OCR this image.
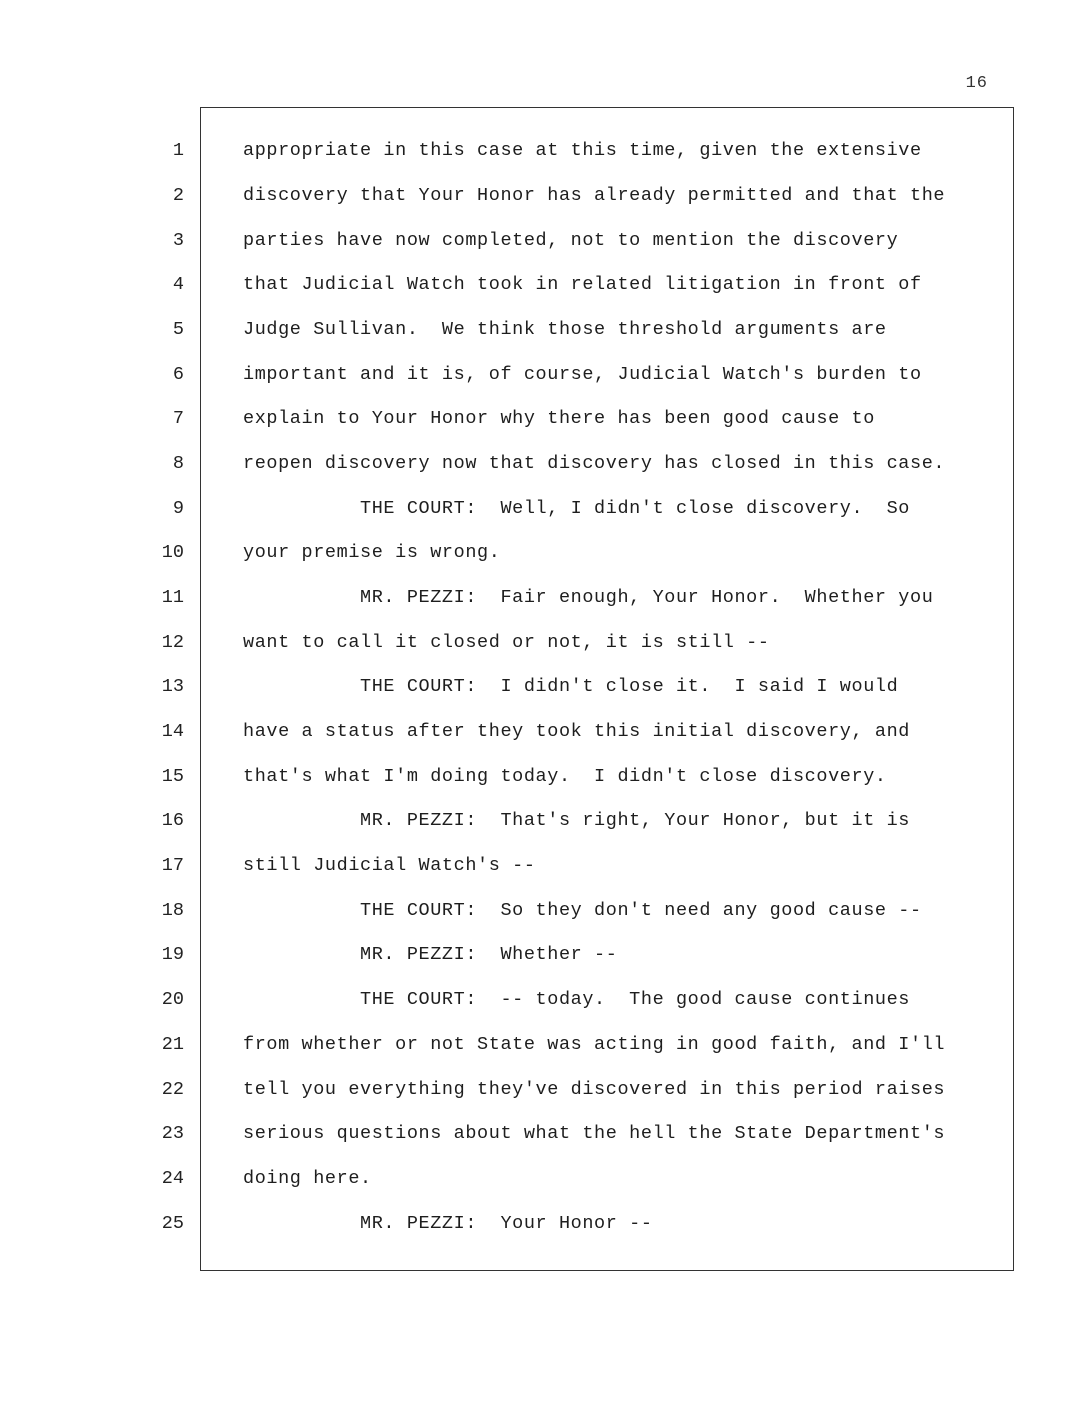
16
1	appropriate in this case at this time, given the extensive
2	discovery that Your Honor has already permitted and that the
3	parties have now completed, not to mention the discovery
4	that Judicial Watch took in related litigation in front of
5	Judge Sullivan.  We think those threshold arguments are
6	important and it is, of course, Judicial Watch's burden to
7	explain to Your Honor why there has been good cause to
8	reopen discovery now that discovery has closed in this case.
9	THE COURT:  Well, I didn't close discovery.  So
10	your premise is wrong.
11	MR. PEZZI:  Fair enough, Your Honor.  Whether you
12	want to call it closed or not, it is still --
13	THE COURT:  I didn't close it.  I said I would
14	have a status after they took this initial discovery, and
15	that's what I'm doing today.  I didn't close discovery.
16	MR. PEZZI:  That's right, Your Honor, but it is
17	still Judicial Watch's --
18	THE COURT:  So they don't need any good cause --
19	MR. PEZZI:  Whether --
20	THE COURT:  -- today.  The good cause continues
21	from whether or not State was acting in good faith, and I'll
22	tell you everything they've discovered in this period raises
23	serious questions about what the hell the State Department's
24	doing here.
25	MR. PEZZI:  Your Honor --
